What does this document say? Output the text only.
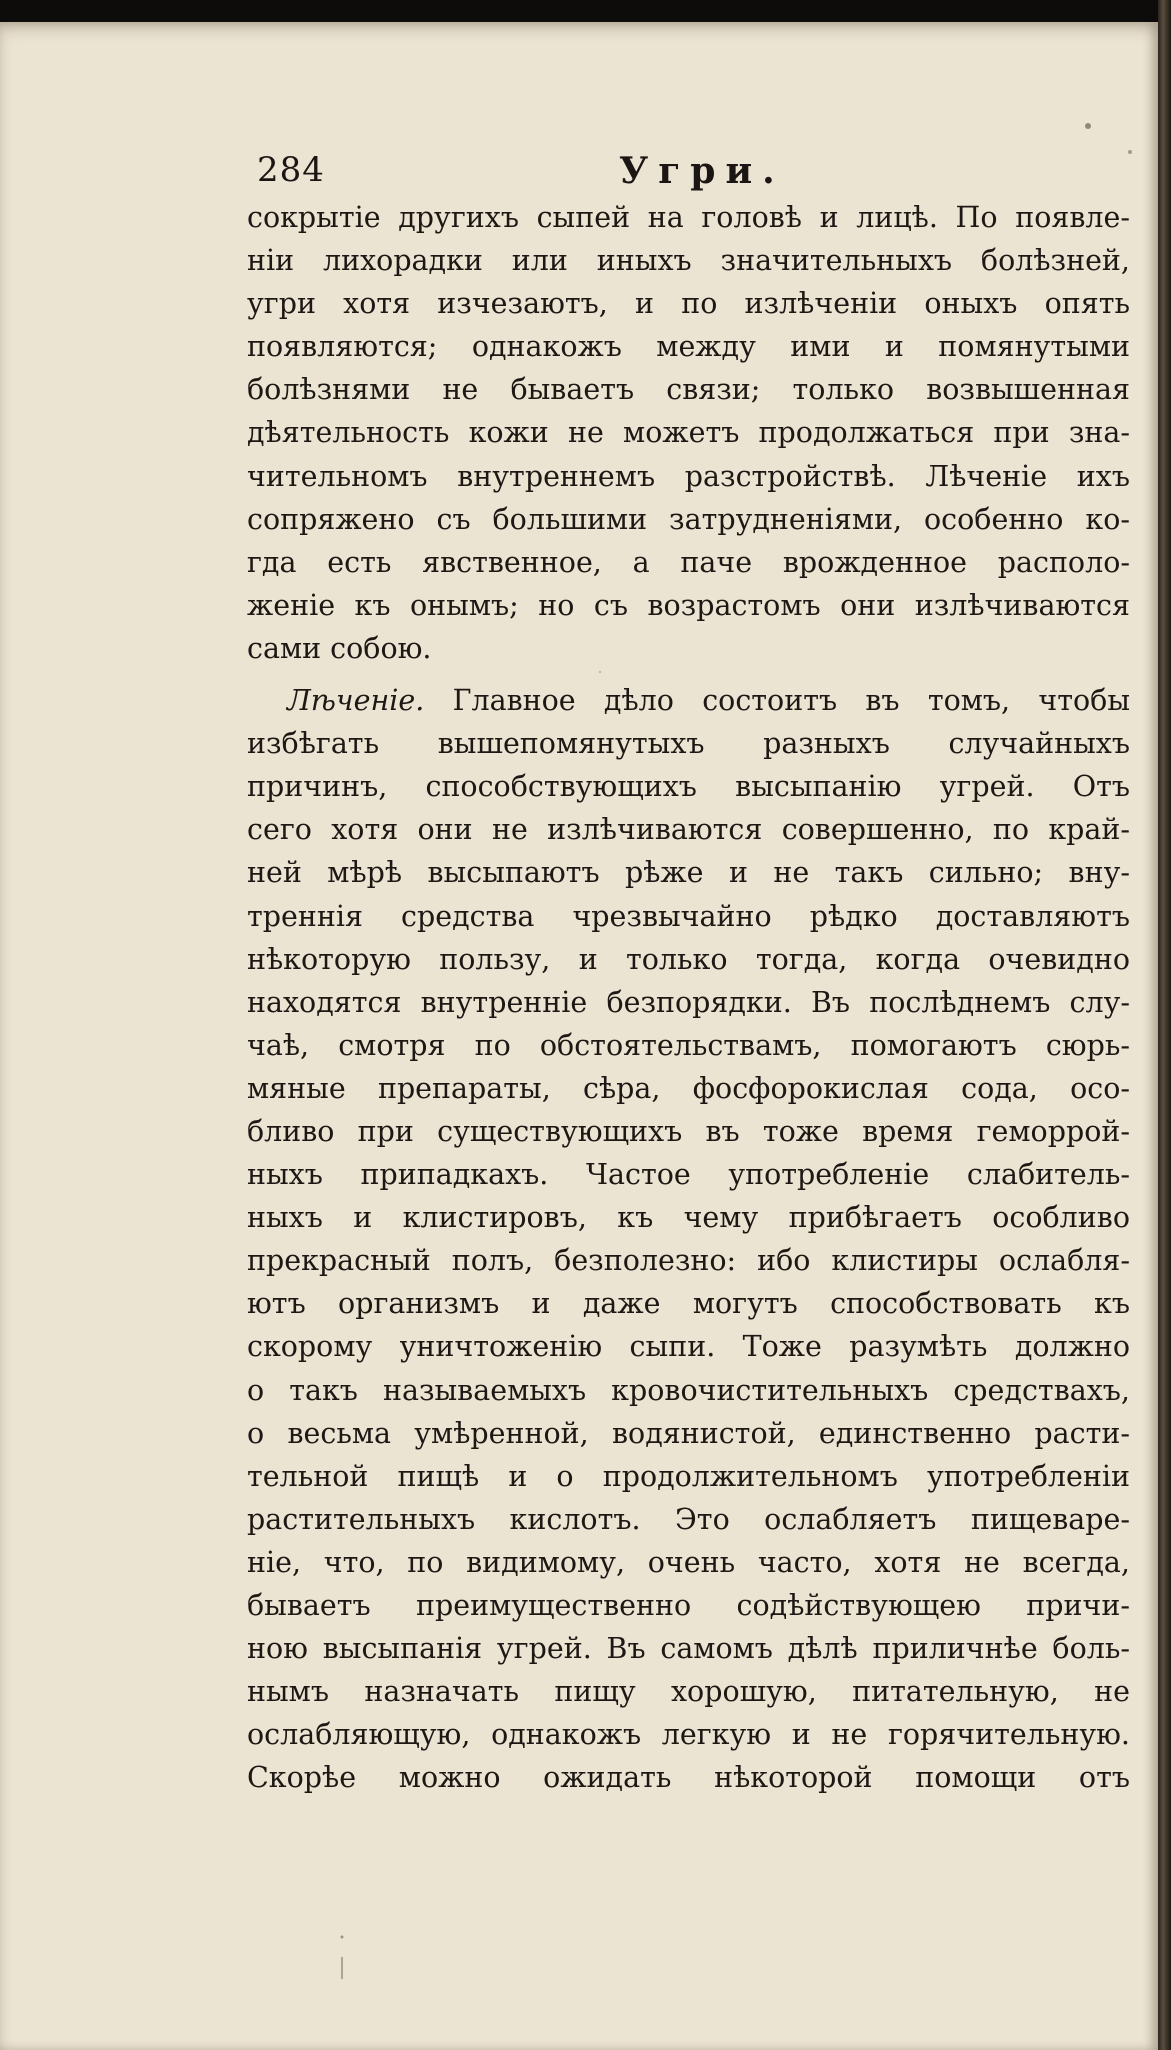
284	Угри.
сокрытіе другихъ сыпей на головѣ и лицѣ. По появле-
ніи лихорадки или иныхъ значительныхъ болѣзней,
угри хотя изчезаютъ, и по излѣченіи оныхъ опять
появляются; однакожъ между ими и помянутыми
болѣзнями не бываетъ связи; только возвышенная
дѣятельность кожи не можетъ продолжаться при зна-
чительномъ внутреннемъ разстройствѣ. Лѣченіе ихъ
сопряжено съ большими затрудненіями, особенно ко-
гда есть явственное, а паче врожденное располо-
женіе къ онымъ; но съ возрастомъ они излѣчиваются
сами собою.
Лѣченіе. Главное дѣло состоитъ въ томъ, чтобы
избѣгать вышепомянутыхъ разныхъ случайныхъ
причинъ, способствующихъ высыпанію угрей. Отъ
сего хотя они не излѣчиваются совершенно, по край-
ней мѣрѣ высыпаютъ рѣже и не такъ сильно; вну-
треннія средства чрезвычайно рѣдко доставляютъ
нѣкоторую пользу, и только тогда, когда очевидно
находятся внутренніе безпорядки. Въ послѣднемъ слу-
чаѣ, смотря по обстоятельствамъ, помогаютъ сюрь-
мяные препараты, сѣра, фосфорокислая сода, осо-
бливо при существующихъ въ тоже время геморрой-
ныхъ припадкахъ. Частое употребленіе слабитель-
ныхъ и клистировъ, къ чему прибѣгаетъ особливо
прекрасный полъ, безполезно: ибо клистиры ослабля-
ютъ организмъ и даже могутъ способствовать къ
скорому уничтоженію сыпи. Тоже разумѣть должно
о такъ называемыхъ кровочистительныхъ средствахъ,
о весьма умѣренной, водянистой, единственно расти-
тельной пищѣ и о продолжительномъ употребленіи
растительныхъ кислотъ. Это ослабляетъ пищеваре-
ніе, что, по видимому, очень часто, хотя не всегда,
бываетъ преимущественно содѣйствующею причи-
ною высыпанія угрей. Въ самомъ дѣлѣ приличнѣе боль-
нымъ назначать пищу хорошую, питательную, не
ослабляющую, однакожъ легкую и не горячительную.
Скорѣе можно ожидать нѣкоторой помощи отъ
